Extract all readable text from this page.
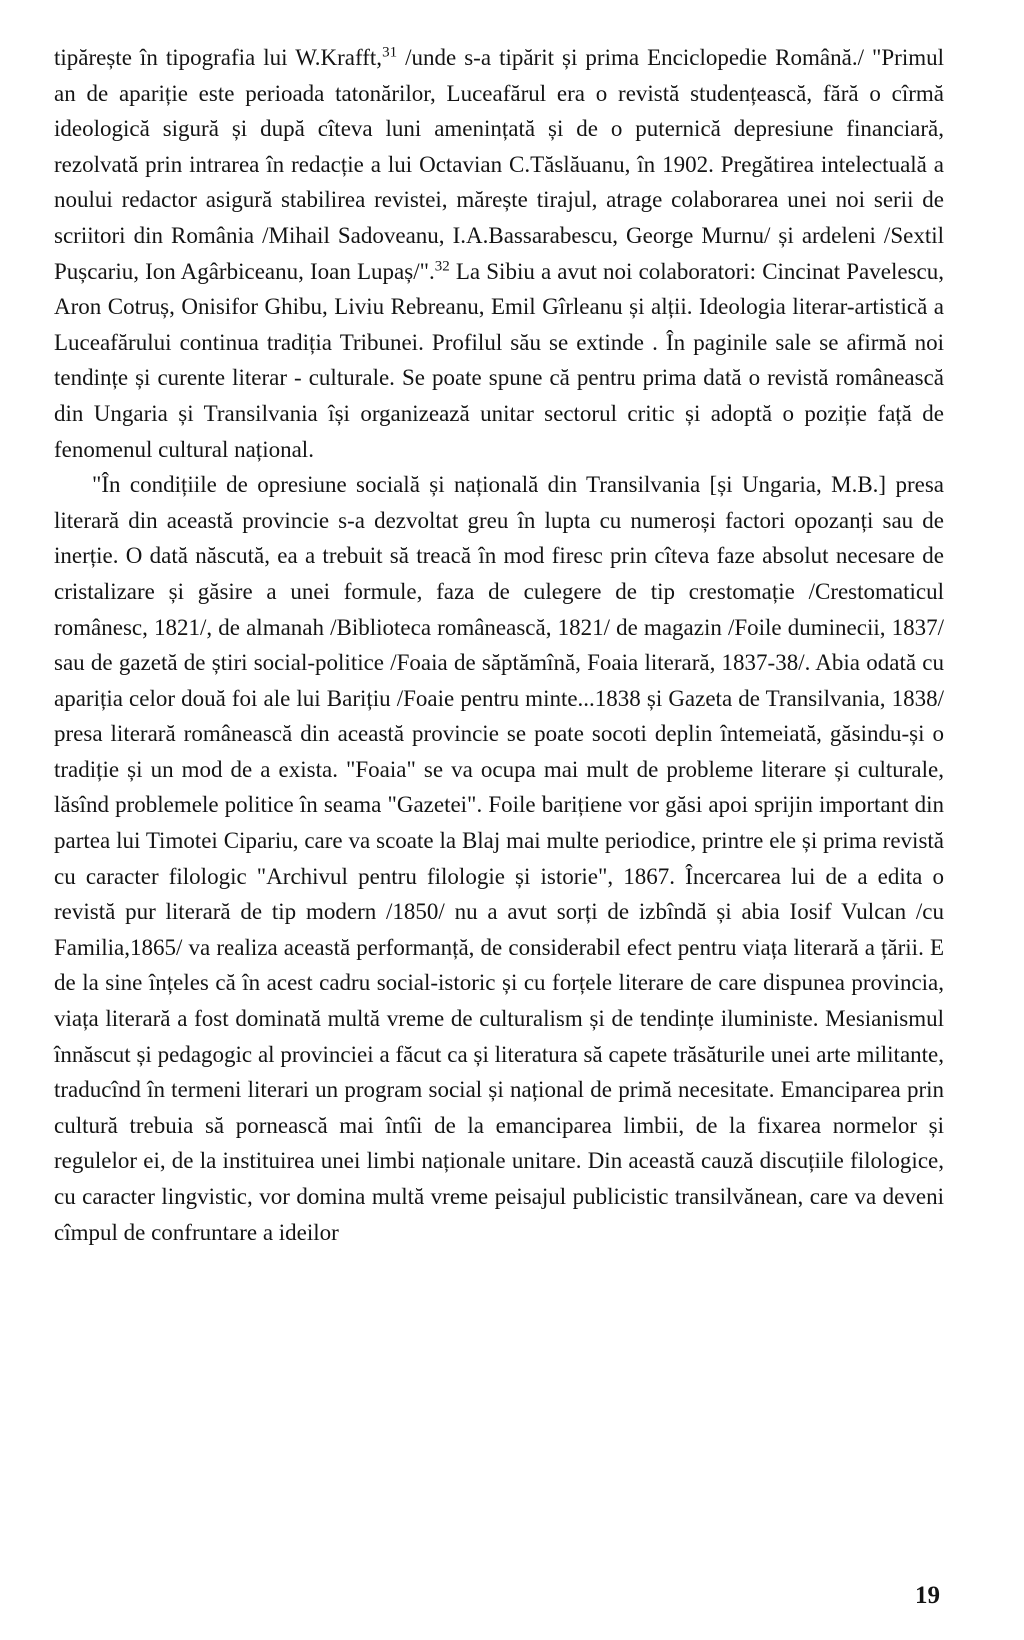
tipărește în tipografia lui W.Krafft,$^{31}$ /unde s-a tipărit și prima Enciclopedie Română./ "Primul an de apariție este perioada tatonărilor, Luceafărul era o revistă studențească, fără o cîrmă ideologică sigură și după cîteva luni amenințată și de o puternică depresiune financiară, rezolvată prin intrarea în redacție a lui Octavian C.Tăslăuanu, în 1902. Pregătirea intelectuală a noului redactor asigură stabilirea revistei, mărește tirajul, atrage colaborarea unei noi serii de scriitori din România /Mihail Sadoveanu, I.A.Bassarabescu, George Murnu/ și ardeleni /Sextil Pușcariu, Ion Agârbiceanu, Ioan Lupaș/".$^{32}$ La Sibiu a avut noi colaboratori: Cincinat Pavelescu, Aron Cotruș, Onisifor Ghibu, Liviu Rebreanu, Emil Gîrleanu și alții. Ideologia literar-artistică a Luceafărului continua tradiția Tribunei. Profilul său se extinde . În paginile sale se afirmă noi tendințe și curente literar - culturale. Se poate spune că pentru prima dată o revistă românească din Ungaria și Transilvania își organizează unitar sectorul critic și adoptă o poziție față de fenomenul cultural național.

"În condițiile de opresiune socială și națională din Transilvania [și Ungaria, M.B.] presa literară din această provincie s-a dezvoltat greu în lupta cu numeroși factori opozanți sau de inerție. O dată născută, ea a trebuit să treacă în mod firesc prin cîteva faze absolut necesare de cristalizare și găsire a unei formule, faza de culegere de tip crestomație /Crestomaticul românesc, 1821/, de almanah /Biblioteca românească, 1821/ de magazin /Foile duminecii, 1837/ sau de gazetă de știri social-politice /Foaia de săptămînă, Foaia literară, 1837-38/. Abia odată cu apariția celor două foi ale lui Barițiu /Foaie pentru minte...1838 și Gazeta de Transilvania, 1838/ presa literară românească din această provincie se poate socoti deplin întemeiată, găsindu-și o tradiție și un mod de a exista. "Foaia" se va ocupa mai mult de probleme literare și culturale, lăsînd problemele politice în seama "Gazetei". Foile barițiene vor găsi apoi sprijin important din partea lui Timotei Cipariu, care va scoate la Blaj mai multe periodice, printre ele și prima revistă cu caracter filologic "Archivul pentru filologie și istorie", 1867. Încercarea lui de a edita o revistă pur literară de tip modern /1850/ nu a avut sorți de izbîndă și abia Iosif Vulcan /cu Familia,1865/ va realiza această performanță, de considerabil efect pentru viața literară a țării. E de la sine înțeles că în acest cadru social-istoric și cu forțele literare de care dispunea provincia, viața literară a fost dominată multă vreme de culturalism și de tendințe iluministe. Mesianismul înnăscut și pedagogic al provinciei a făcut ca și literatura să capete trăsăturile unei arte militante, traducînd în termeni literari un program social și național de primă necesitate. Emanciparea prin cultură trebuia să pornească mai întîi de la emanciparea limbii, de la fixarea normelor și regulelor ei, de la instituirea unei limbi naționale unitare. Din această cauză discuțiile filologice, cu caracter lingvistic, vor domina multă vreme peisajul publicistic transilvănean, care va deveni cîmpul de confruntare a ideilor

19
